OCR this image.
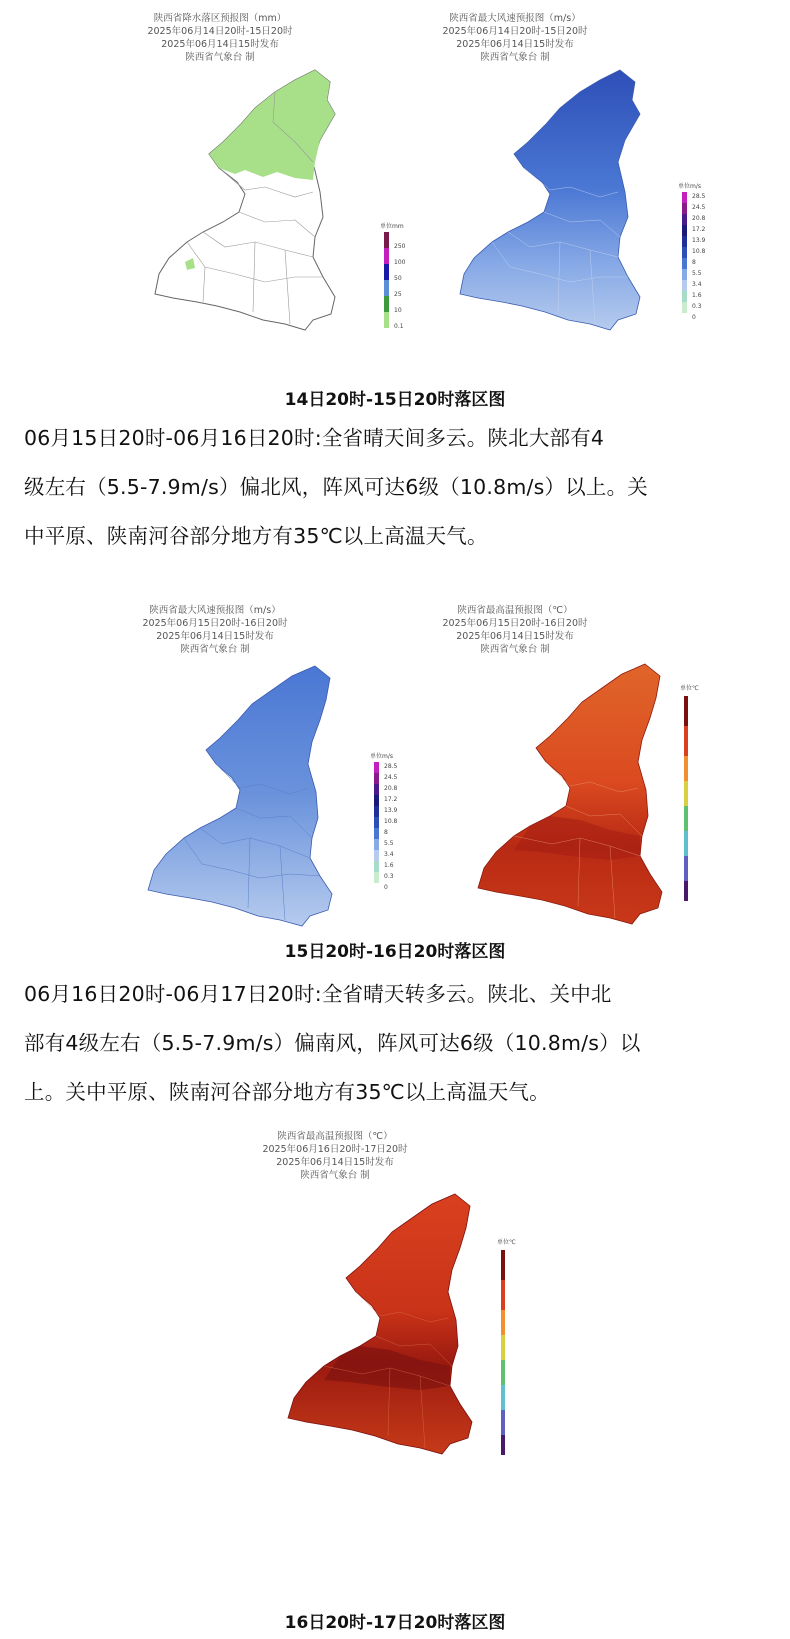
陕西省降水落区预报图（mm）
2025年06月14日20时-15日20时
2025年06月14日15时发布
陕西省气象台 制
单位mm
250
100
50
25
10
0.1
陕西省最大风速预报图（m/s）
2025年06月14日20时-15日20时
2025年06月14日15时发布
陕西省气象台 制
单位m/s
28.5
24.5
20.8
17.2
13.9
10.8
8
5.5
3.4
1.6
0.3
0
14日20时-15日20时落区图
06月15日20时-06月16日20时:全省晴天间多云。陕北大部有4
级左右（5.5-7.9m/s）偏北风，阵风可达6级（10.8m/s）以上。关
中平原、陕南河谷部分地方有35℃以上高温天气。
陕西省最大风速预报图（m/s）
2025年06月15日20时-16日20时
2025年06月14日15时发布
陕西省气象台 制
单位m/s
28.5
24.5
20.8
17.2
13.9
10.8
8
5.5
3.4
1.6
0.3
0
陕西省最高温预报图（℃）
2025年06月15日20时-16日20时
2025年06月14日15时发布
陕西省气象台 制
单位℃
15日20时-16日20时落区图
06月16日20时-06月17日20时:全省晴天转多云。陕北、关中北
部有4级左右（5.5-7.9m/s）偏南风，阵风可达6级（10.8m/s）以
上。关中平原、陕南河谷部分地方有35℃以上高温天气。
陕西省最高温预报图（℃）
2025年06月16日20时-17日20时
2025年06月14日15时发布
陕西省气象台 制
单位℃
16日20时-17日20时落区图
